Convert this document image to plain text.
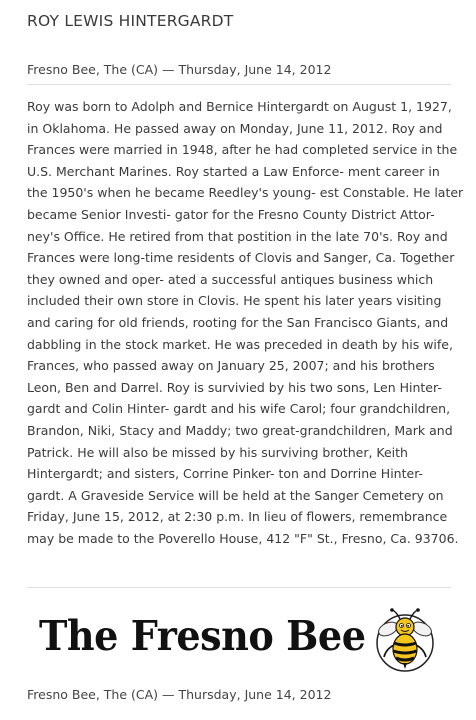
ROY LEWIS HINTERGARDT
Fresno Bee, The (CA) — Thursday, June 14, 2012

Roy was born to Adolph and Bernice Hintergardt on August 1, 1927,
in Oklahoma. He passed away on Monday, June 11, 2012. Roy and
Frances were married in 1948, after he had completed service in the
U.S. Merchant Marines. Roy started a Law Enforce- ment career in
the 1950's when he became Reedley's young- est Constable. He later
became Senior Investi- gator for the Fresno County District Attor-
ney's Office. He retired from that postition in the late 70's. Roy and
Frances were long-time residents of Clovis and Sanger, Ca. Together
they owned and oper- ated a successful antiques business which
included their own store in Clovis. He spent his later years visiting
and caring for old friends, rooting for the San Francisco Giants, and
dabbling in the stock market. He was preceded in death by his wife,
Frances, who passed away on January 25, 2007; and his brothers
Leon, Ben and Darrel. Roy is survivied by his two sons, Len Hinter-
gardt and Colin Hinter- gardt and his wife Carol; four grandchildren,
Brandon, Niki, Stacy and Maddy; two great-grandchildren, Mark and
Patrick. He will also be missed by his surviving brother, Keith
Hintergardt; and sisters, Corrine Pinker- ton and Dorrine Hinter-
gardt. A Graveside Service will be held at the Sanger Cemetery on
Friday, June 15, 2012, at 2:30 p.m. In lieu of flowers, remembrance
may be made to the Poverello House, 412 "F" St., Fresno, Ca. 93706.

The Fresno Bee
Fresno Bee, The (CA) — Thursday, June 14, 2012
